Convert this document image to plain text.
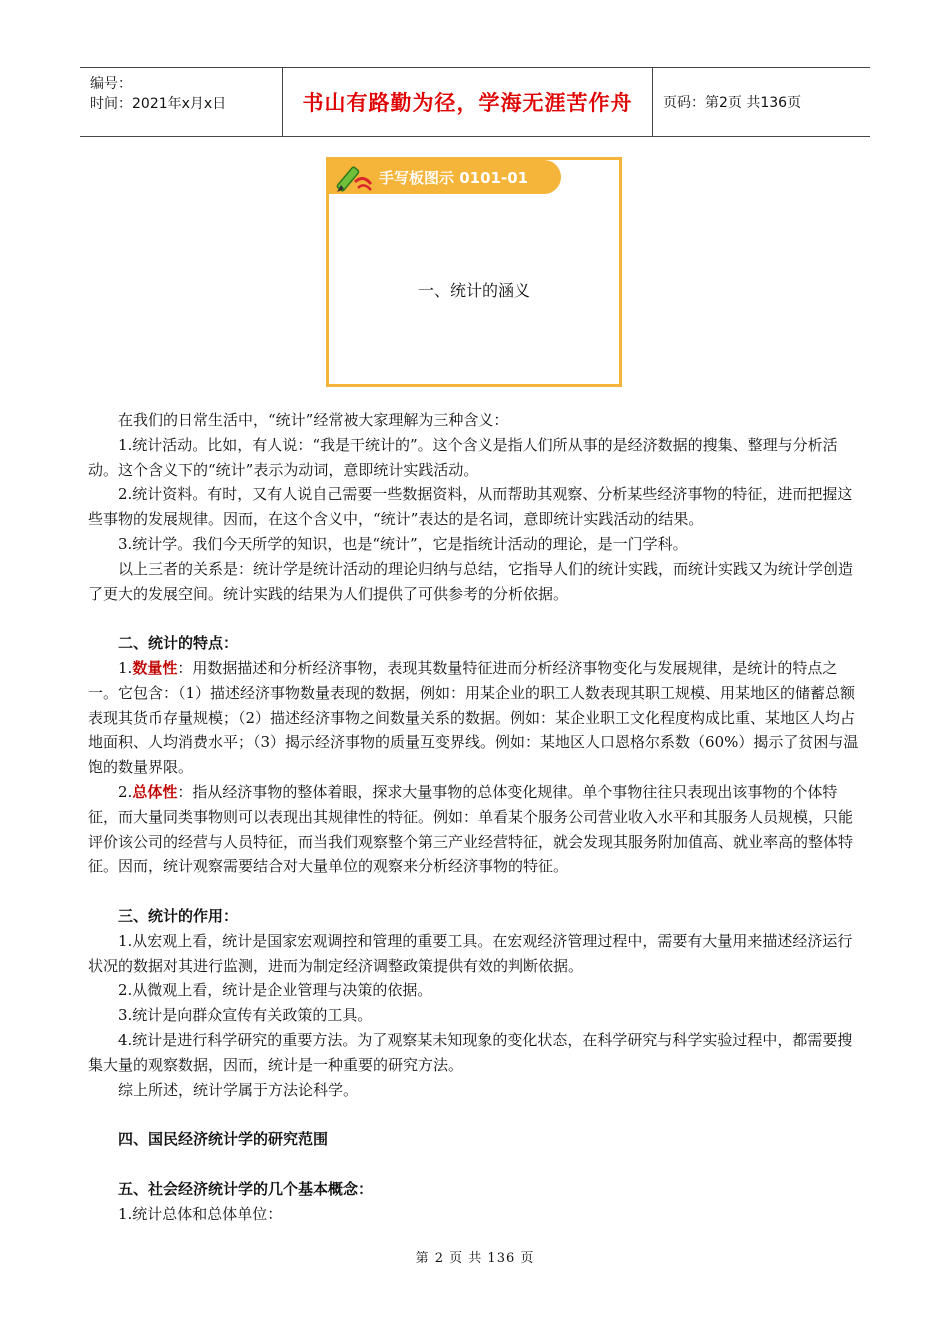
编号：
时间：2021年x月x日	书山有路勤为径，学海无涯苦作舟	页码：第2页 共136页
手写板图示 0101-01
一、统计的涵义

在我们的日常生活中，“统计”经常被大家理解为三种含义：

1.统计活动。比如，有人说：“我是干统计的”。这个含义是指人们所从事的是经济数据的搜集、整理与分析活动。这个含义下的“统计”表示为动词，意即统计实践活动。

2.统计资料。有时，又有人说自己需要一些数据资料，从而帮助其观察、分析某些经济事物的特征，进而把握这些事物的发展规律。因而，在这个含义中，“统计”表达的是名词，意即统计实践活动的结果。

3.统计学。我们今天所学的知识，也是“统计”，它是指统计活动的理论，是一门学科。

以上三者的关系是：统计学是统计活动的理论归纳与总结，它指导人们的统计实践，而统计实践又为统计学创造了更大的发展空间。统计实践的结果为人们提供了可供参考的分析依据。

二、统计的特点：

1.数量性：用数据描述和分析经济事物，表现其数量特征进而分析经济事物变化与发展规律，是统计的特点之一。它包含：（1）描述经济事物数量表现的数据，例如：用某企业的职工人数表现其职工规模、用某地区的储蓄总额表现其货币存量规模；（2）描述经济事物之间数量关系的数据。例如：某企业职工文化程度构成比重、某地区人均占地面积、人均消费水平；（3）揭示经济事物的质量互变界线。例如：某地区人口恩格尔系数（60%）揭示了贫困与温饱的数量界限。

2.总体性：指从经济事物的整体着眼，探求大量事物的总体变化规律。单个事物往往只表现出该事物的个体特征，而大量同类事物则可以表现出其规律性的特征。例如：单看某个服务公司营业收入水平和其服务人员规模，只能评价该公司的经营与人员特征，而当我们观察整个第三产业经营特征，就会发现其服务附加值高、就业率高的整体特征。因而，统计观察需要结合对大量单位的观察来分析经济事物的特征。

三、统计的作用：

1.从宏观上看，统计是国家宏观调控和管理的重要工具。在宏观经济管理过程中，需要有大量用来描述经济运行状况的数据对其进行监测，进而为制定经济调整政策提供有效的判断依据。

2.从微观上看，统计是企业管理与决策的依据。

3.统计是向群众宣传有关政策的工具。

4.统计是进行科学研究的重要方法。为了观察某未知现象的变化状态，在科学研究与科学实验过程中，都需要搜集大量的观察数据，因而，统计是一种重要的研究方法。

综上所述，统计学属于方法论科学。

四、国民经济统计学的研究范围
五、社会经济统计学的几个基本概念：

1.统计总体和总体单位：

第 2 页 共 136 页
